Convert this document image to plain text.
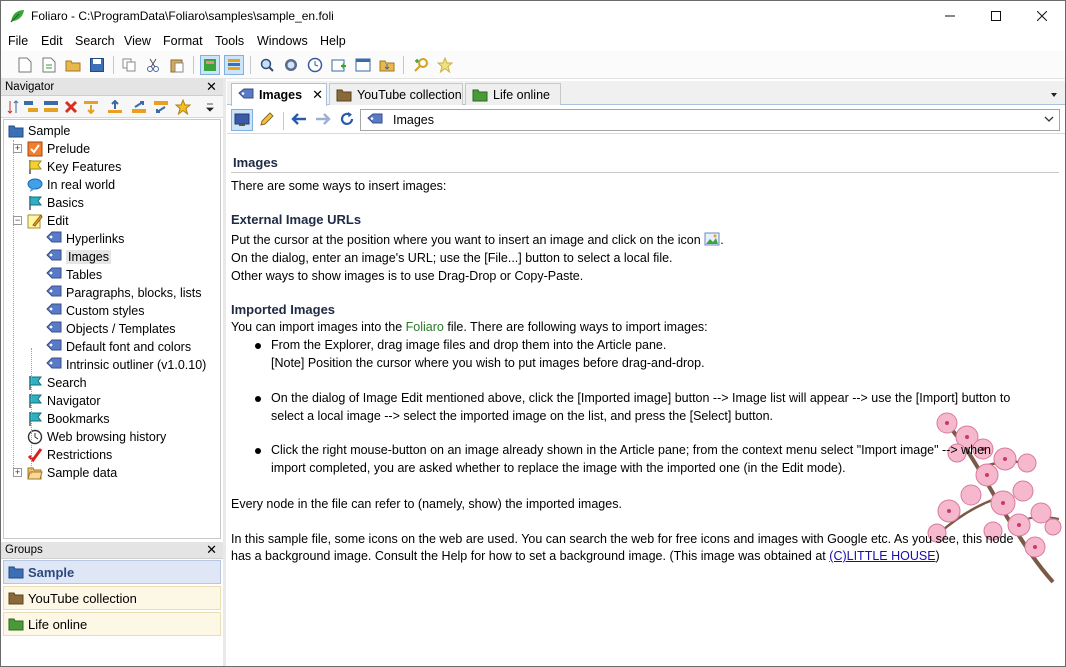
Foliaro - C:\ProgramData\Foliaro\samples\sample_en.foli
File Edit Search View Format Tools Windows Help
Navigator
Sample
Prelude
+
Key Features
In real world
Basics
Edit
−
Hyperlinks
Images
Tables
Paragraphs, blocks, lists
Custom styles
Objects / Templates
Default font and colors
Intrinsic outliner (v1.0.10)
Search
Navigator
Bookmarks
Web browsing history
Restrictions
Sample data
+
Groups	✕
✕
Sample
YouTube collection
Life online
Images ✕	YouTube collection	Life online
Images
Images
There are some ways to insert images:
External Image URLs
Put the cursor at the position where you want to insert an image and click on the icon .
On the dialog, enter an image's URL; use the [File...] button to select a local file.
Other ways to show images is to use Drag-Drop or Copy-Paste.
Imported Images
You can import images into the Foliaro file. There are following ways to import images:
From the Explorer, drag image files and drop them into the Article pane.
[Note] Position the cursor where you wish to put images before drag-and-drop.
On the dialog of Image Edit mentioned above, click the [Imported image] button --> Image list will appear --> use the [Import] button to
select a local image --> select the imported image on the list, and press the [Select] button.
Click the right mouse-button on an image already shown in the Article pane; from the context menu select "Import image" --> when
import completed, you are asked whether to replace the image with the imported one (in the Edit mode).
Every node in the file can refer to (namely, show) the imported images.
In this sample file, some icons on the web are used. You can search the web for free icons and images with Google etc. As you see, this node
has a background image. Consult the Help for how to set a background image. (This image was obtained at (C)LITTLE HOUSE)
